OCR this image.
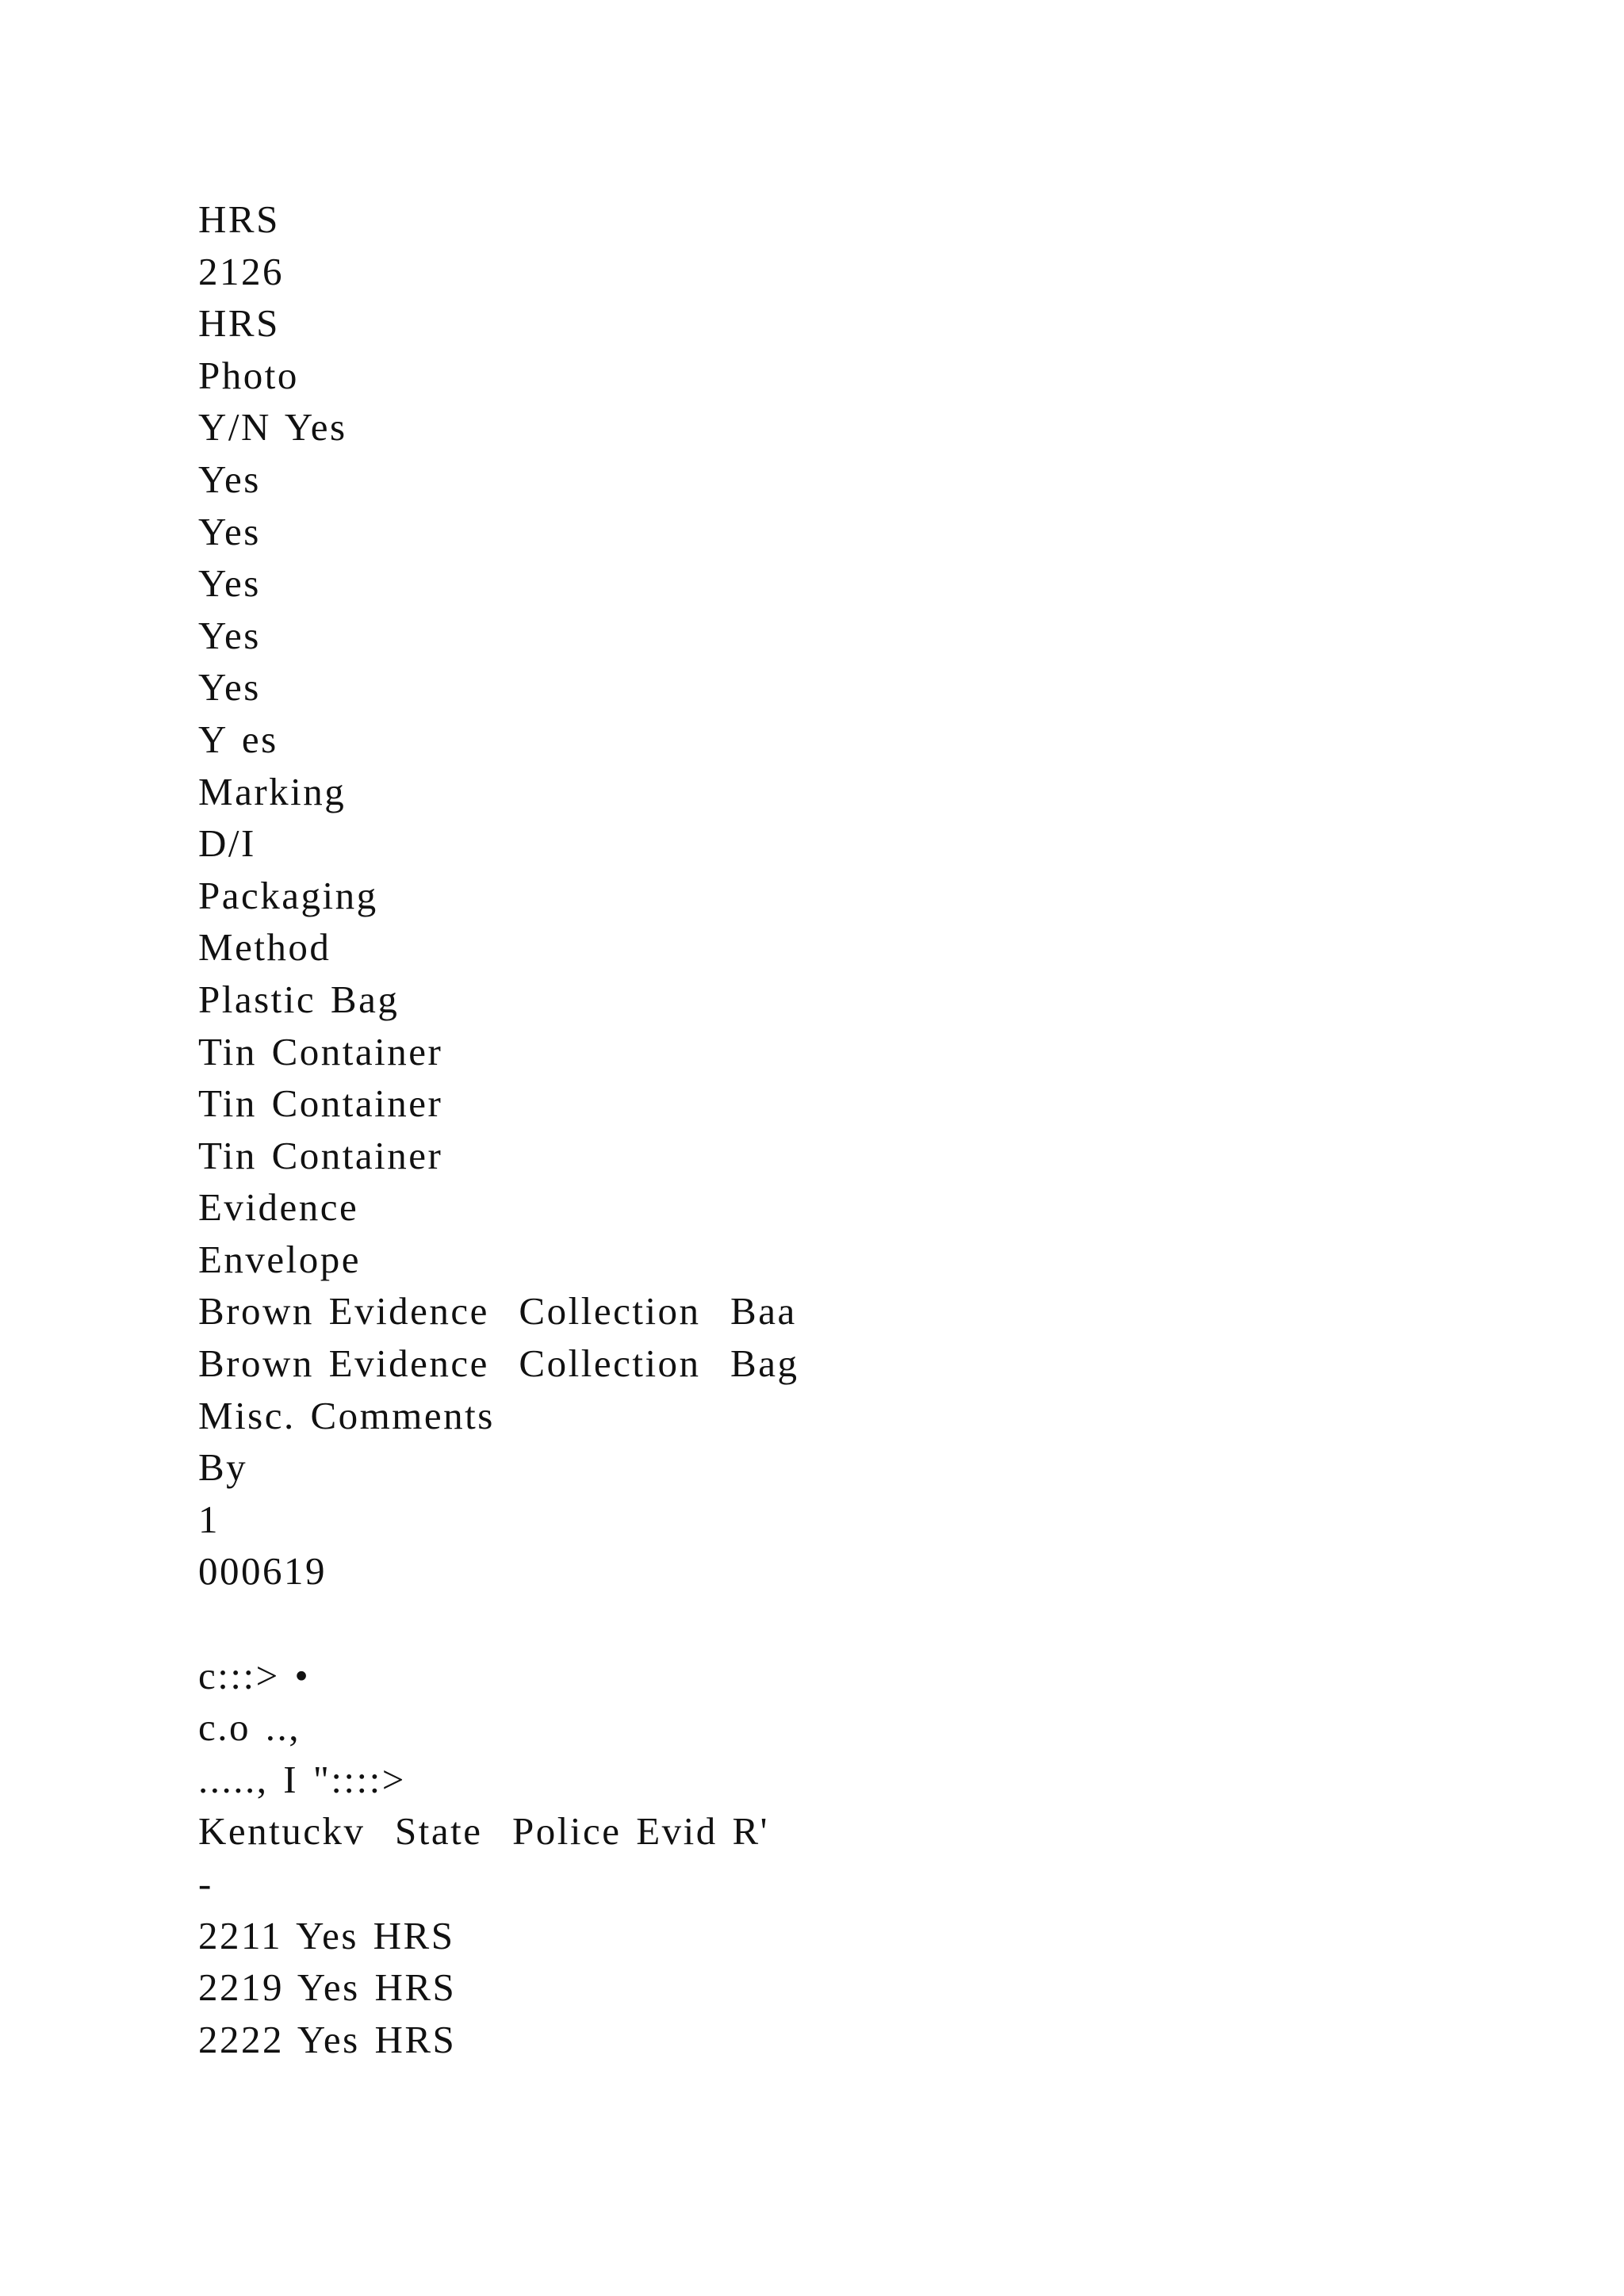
HRS
2126
HRS
Photo
Y/N Yes
Yes
Yes
Yes
Yes
Yes
Y es
Marking
D/I
Packaging
Method
Plastic Bag
Tin Container
Tin Container
Tin Container
Evidence
Envelope
Brown Evidence  Collection  Baa
Brown Evidence  Collection  Bag
Misc. Comments
By
1
000619
c:::> •
c.o ..,
....., I "::::>
Kentuckv  State  Police Evid R'
-
2211 Yes HRS
2219 Yes HRS
2222 Yes HRS
